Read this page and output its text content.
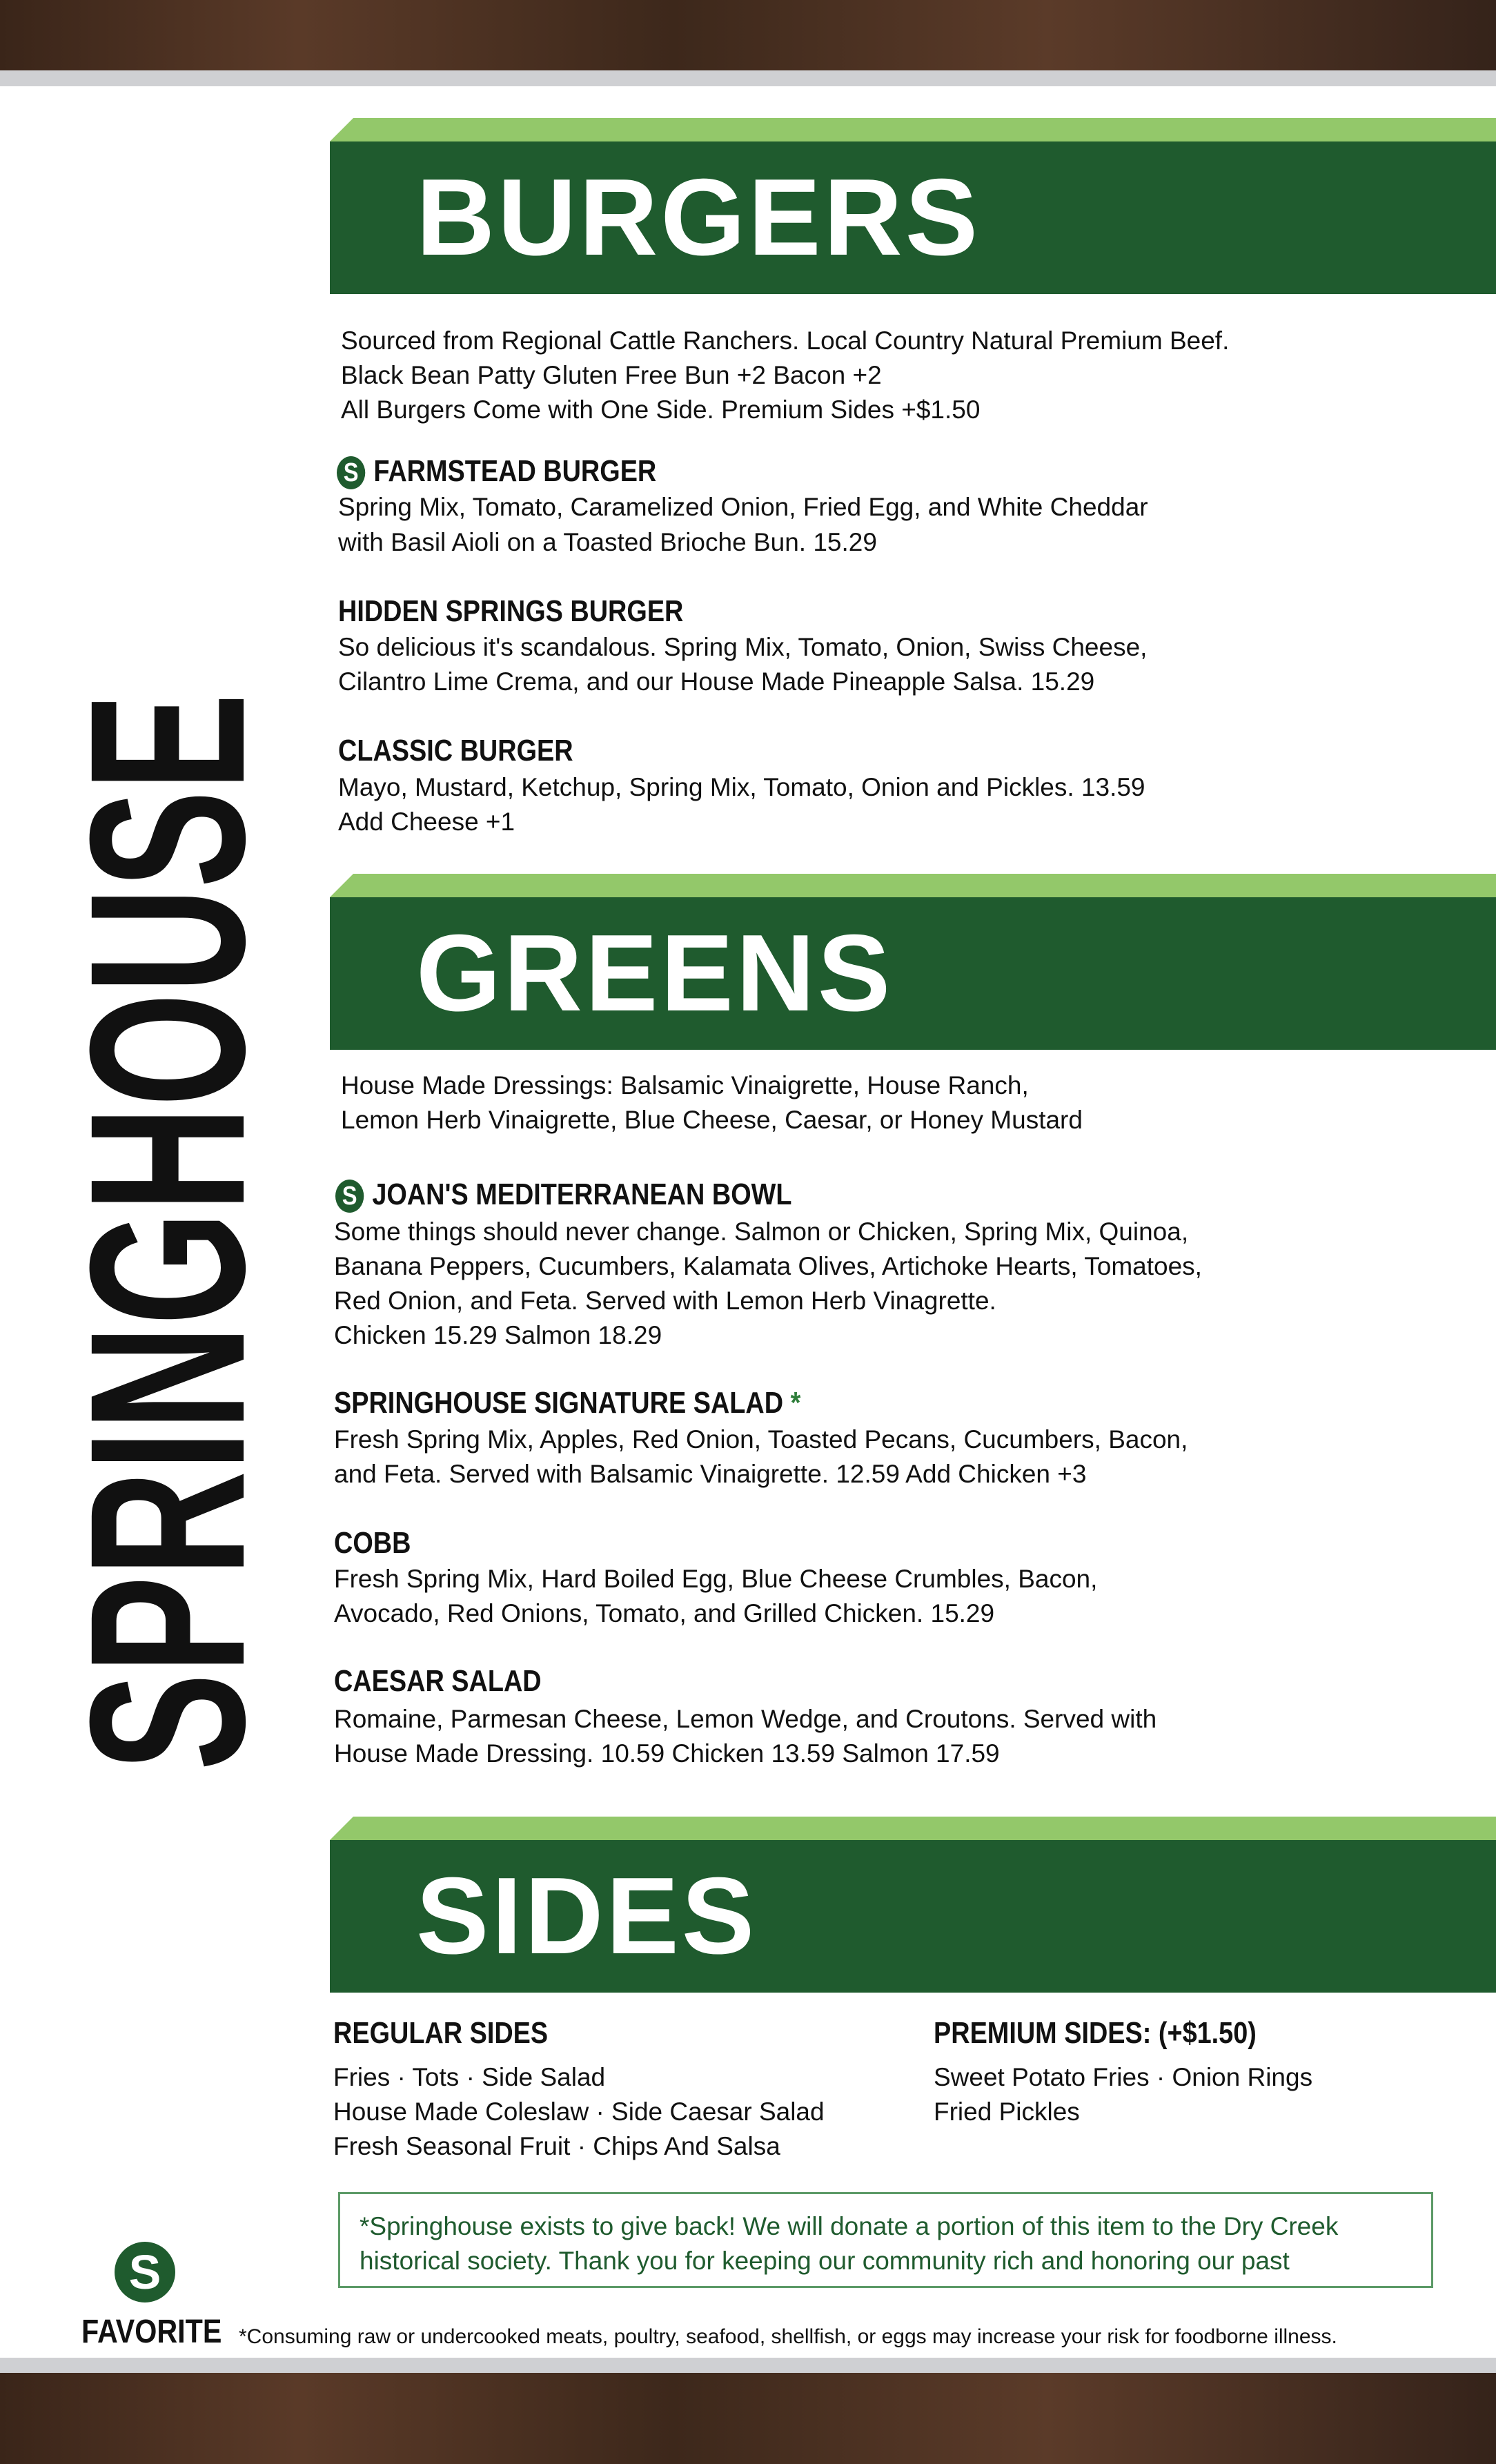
SPRINGHOUSE
BURGERS
Sourced from Regional Cattle Ranchers. Local Country Natural Premium Beef.
Black Bean Patty Gluten Free Bun +2 Bacon +2
All Burgers Come with One Side. Premium Sides +$1.50
S FARMSTEAD BURGER
Spring Mix, Tomato, Caramelized Onion, Fried Egg, and White Cheddar
with Basil Aioli on a Toasted Brioche Bun. 15.29
HIDDEN SPRINGS BURGER
So delicious it's scandalous. Spring Mix, Tomato, Onion, Swiss Cheese,
Cilantro Lime Crema, and our House Made Pineapple Salsa. 15.29
CLASSIC BURGER
Mayo, Mustard, Ketchup, Spring Mix, Tomato, Onion and Pickles. 13.59
Add Cheese +1
GREENS
House Made Dressings: Balsamic Vinaigrette, House Ranch,
Lemon Herb Vinaigrette, Blue Cheese, Caesar, or Honey Mustard
S JOAN'S MEDITERRANEAN BOWL
Some things should never change. Salmon or Chicken, Spring Mix, Quinoa,
Banana Peppers, Cucumbers, Kalamata Olives, Artichoke Hearts, Tomatoes,
Red Onion, and Feta. Served with Lemon Herb Vinagrette.
Chicken 15.29 Salmon 18.29
SPRINGHOUSE SIGNATURE SALAD *
Fresh Spring Mix, Apples, Red Onion, Toasted Pecans, Cucumbers, Bacon,
and Feta. Served with Balsamic Vinaigrette. 12.59 Add Chicken +3
COBB
Fresh Spring Mix, Hard Boiled Egg, Blue Cheese Crumbles, Bacon,
Avocado, Red Onions, Tomato, and Grilled Chicken. 15.29
CAESAR SALAD
Romaine, Parmesan Cheese, Lemon Wedge, and Croutons. Served with
House Made Dressing. 10.59 Chicken 13.59 Salmon 17.59
SIDES
REGULAR SIDES
Fries · Tots · Side Salad
House Made Coleslaw · Side Caesar Salad
Fresh Seasonal Fruit · Chips And Salsa
PREMIUM SIDES: (+$1.50)
Sweet Potato Fries · Onion Rings
Fried Pickles
*Springhouse exists to give back! We will donate a portion of this item to the Dry Creek
historical society. Thank you for keeping our community rich and honoring our past
S
FAVORITE *Consuming raw or undercooked meats, poultry, seafood, shellfish, or eggs may increase your risk for foodborne illness.
